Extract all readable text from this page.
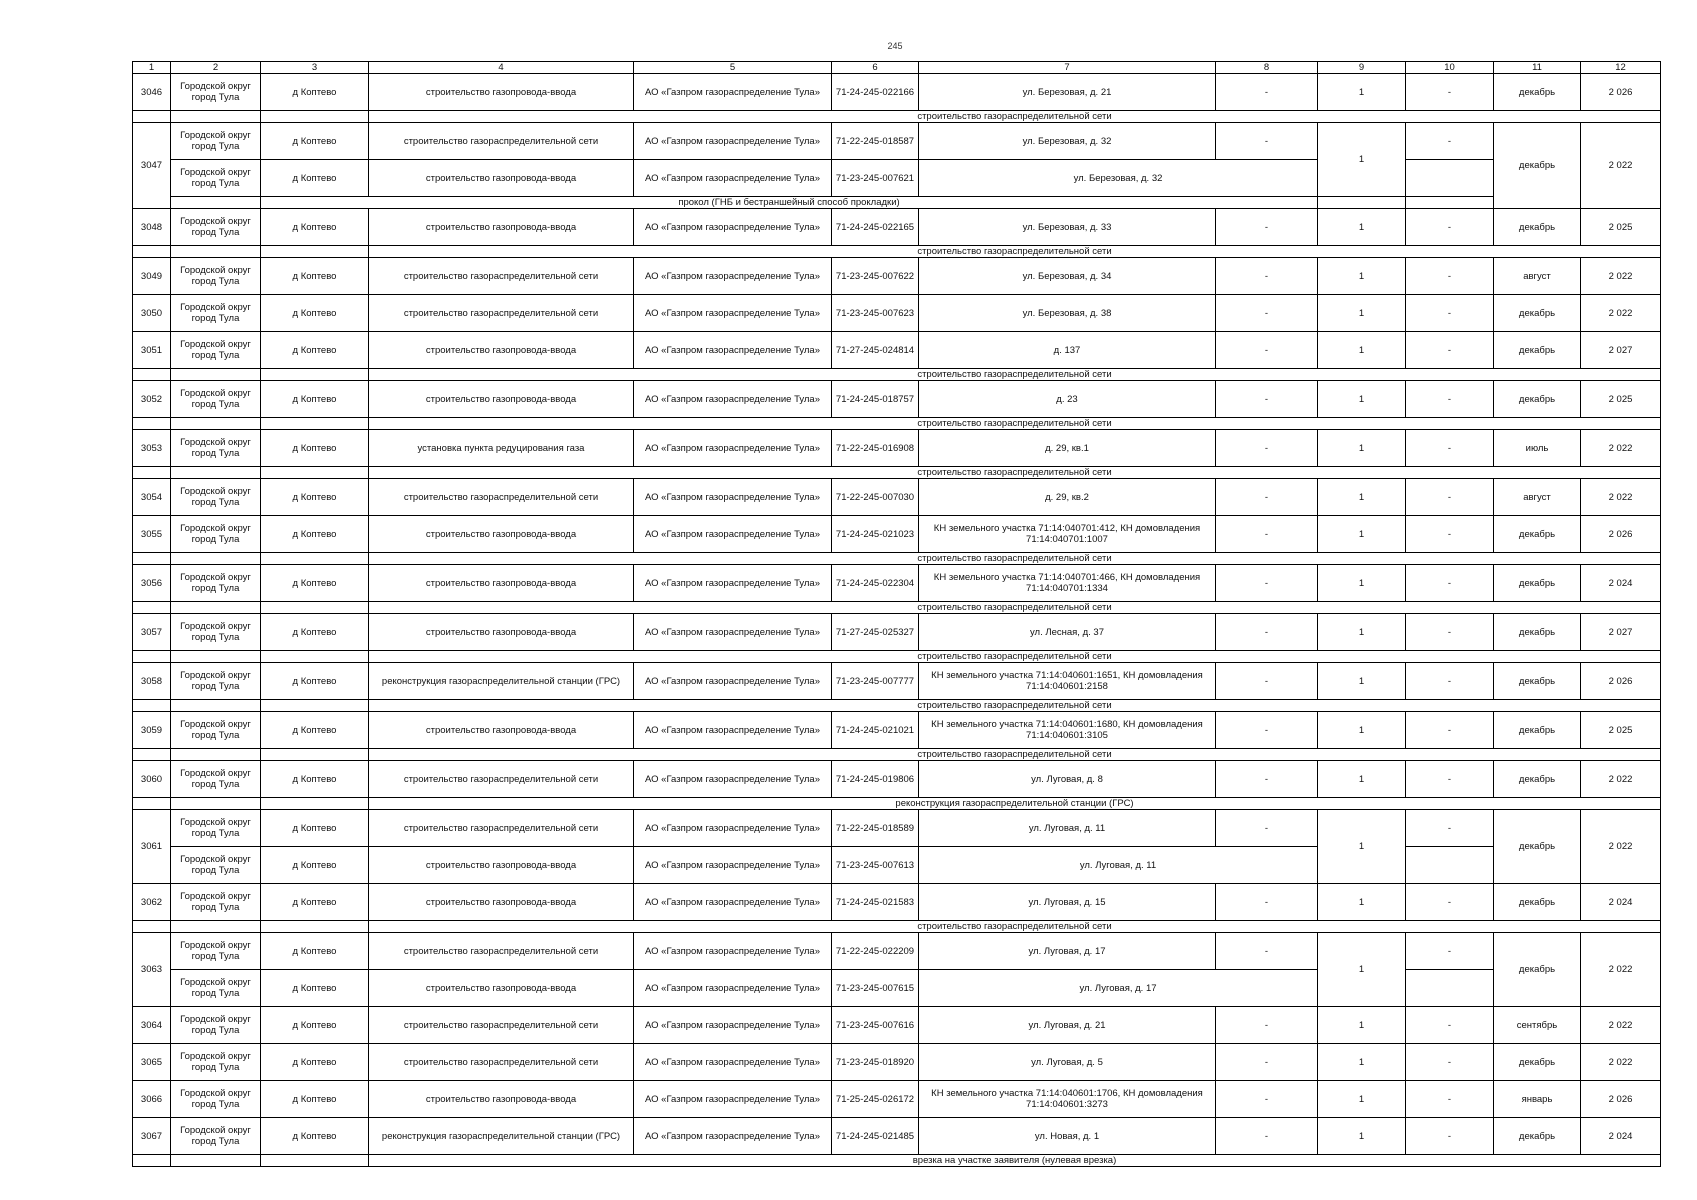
245
1	2	3	4	5	6	7	8	9	10	11	12
3046	Городской округ город Тула	д Коптево	строительство газопровода-ввода	АО «Газпром газораспределение Тула»	71-24-245-022166	ул. Березовая, д. 21	-	1	-	декабрь	2 026
			строительство газораспределительной сети								
3047	Городской округ город Тула	д Коптево	строительство газораспределительной сети	АО «Газпром газораспределение Тула»	71-22-245-018587	ул. Березовая, д. 32	-	1	-	декабрь	2 022
	Городской округ город Тула	д Коптево	строительство газопровода-ввода	АО «Газпром газораспределение Тула»	71-23-245-007621	ул. Березовая, д. 32					
		прокол (ГНБ и бестраншейный способ прокладки)									
3048	Городской округ город Тула	д Коптево	строительство газопровода-ввода	АО «Газпром газораспределение Тула»	71-24-245-022165	ул. Березовая, д. 33	-	1	-	декабрь	2 025
			строительство газораспределительной сети								
3049	Городской округ город Тула	д Коптево	строительство газораспределительной сети	АО «Газпром газораспределение Тула»	71-23-245-007622	ул. Березовая, д. 34	-	1	-	август	2 022
3050	Городской округ город Тула	д Коптево	строительство газораспределительной сети	АО «Газпром газораспределение Тула»	71-23-245-007623	ул. Березовая, д. 38	-	1	-	декабрь	2 022
3051	Городской округ город Тула	д Коптево	строительство газопровода-ввода	АО «Газпром газораспределение Тула»	71-27-245-024814	д. 137	-	1	-	декабрь	2 027
			строительство газораспределительной сети								
3052	Городской округ город Тула	д Коптево	строительство газопровода-ввода	АО «Газпром газораспределение Тула»	71-24-245-018757	д. 23	-	1	-	декабрь	2 025
			строительство газораспределительной сети								
3053	Городской округ город Тула	д Коптево	установка пункта редуцирования газа	АО «Газпром газораспределение Тула»	71-22-245-016908	д. 29, кв.1	-	1	-	июль	2 022
			строительство газораспределительной сети								
3054	Городской округ город Тула	д Коптево	строительство газораспределительной сети	АО «Газпром газораспределение Тула»	71-22-245-007030	д. 29, кв.2	-	1	-	август	2 022
3055	Городской округ город Тула	д Коптево	строительство газопровода-ввода	АО «Газпром газораспределение Тула»	71-24-245-021023	КН земельного участка 71:14:040701:412, КН домовладения 71:14:040701:1007	-	1	-	декабрь	2 026
			строительство газораспределительной сети								
3056	Городской округ город Тула	д Коптево	строительство газопровода-ввода	АО «Газпром газораспределение Тула»	71-24-245-022304	КН земельного участка 71:14:040701:466, КН домовладения 71:14:040701:1334	-	1	-	декабрь	2 024
			строительство газораспределительной сети								
3057	Городской округ город Тула	д Коптево	строительство газопровода-ввода	АО «Газпром газораспределение Тула»	71-27-245-025327	ул. Лесная, д. 37	-	1	-	декабрь	2 027
			строительство газораспределительной сети								
3058	Городской округ город Тула	д Коптево	реконструкция газораспределительной станции (ГРС)	АО «Газпром газораспределение Тула»	71-23-245-007777	КН земельного участка 71:14:040601:1651, КН домовладения 71:14:040601:2158	-	1	-	декабрь	2 026
			строительство газораспределительной сети								
3059	Городской округ город Тула	д Коптево	строительство газопровода-ввода	АО «Газпром газораспределение Тула»	71-24-245-021021	КН земельного участка 71:14:040601:1680, КН домовладения 71:14:040601:3105	-	1	-	декабрь	2 025
			строительство газораспределительной сети								
3060	Городской округ город Тула	д Коптево	строительство газораспределительной сети	АО «Газпром газораспределение Тула»	71-24-245-019806	ул. Луговая, д. 8	-	1	-	декабрь	2 022
			реконструкция газораспределительной станции (ГРС)								
3061	Городской округ город Тула	д Коптево	строительство газораспределительной сети	АО «Газпром газораспределение Тула»	71-22-245-018589	ул. Луговая, д. 11	-	1	-	декабрь	2 022
	Городской округ город Тула	д Коптево	строительство газопровода-ввода	АО «Газпром газораспределение Тула»	71-23-245-007613	ул. Луговая, д. 11					
3062	Городской округ город Тула	д Коптево	строительство газопровода-ввода	АО «Газпром газораспределение Тула»	71-24-245-021583	ул. Луговая, д. 15	-	1	-	декабрь	2 024
			строительство газораспределительной сети								
3063	Городской округ город Тула	д Коптево	строительство газораспределительной сети	АО «Газпром газораспределение Тула»	71-22-245-022209	ул. Луговая, д. 17	-	1	-	декабрь	2 022
	Городской округ город Тула	д Коптево	строительство газопровода-ввода	АО «Газпром газораспределение Тула»	71-23-245-007615	ул. Луговая, д. 17					
3064	Городской округ город Тула	д Коптево	строительство газораспределительной сети	АО «Газпром газораспределение Тула»	71-23-245-007616	ул. Луговая, д. 21	-	1	-	сентябрь	2 022
3065	Городской округ город Тула	д Коптево	строительство газораспределительной сети	АО «Газпром газораспределение Тула»	71-23-245-018920	ул. Луговая, д. 5	-	1	-	декабрь	2 022
3066	Городской округ город Тула	д Коптево	строительство газопровода-ввода	АО «Газпром газораспределение Тула»	71-25-245-026172	КН земельного участка 71:14:040601:1706, КН домовладения 71:14:040601:3273	-	1	-	январь	2 026
3067	Городской округ город Тула	д Коптево	реконструкция газораспределительной станции (ГРС)	АО «Газпром газораспределение Тула»	71-24-245-021485	ул. Новая, д. 1	-	1	-	декабрь	2 024
			врезка на участке заявителя (нулевая врезка)								
